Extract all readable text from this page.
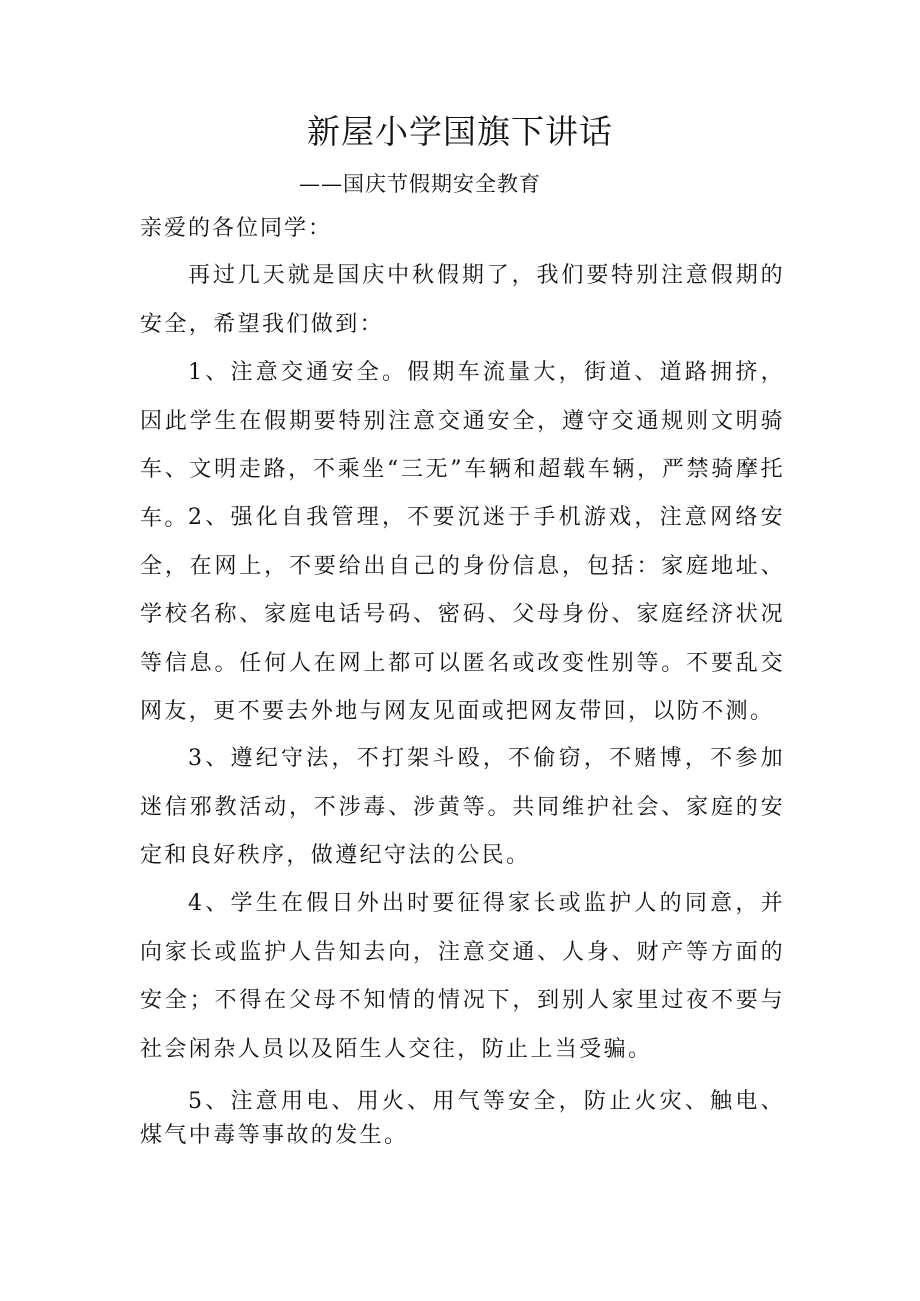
新屋小学国旗下讲话
——国庆节假期安全教育
亲爱的各位同学：

再过几天就是国庆中秋假期了，我们要特别注意假期的安全，希望我们做到：

1、注意交通安全。假期车流量大，街道、道路拥挤，因此学生在假期要特别注意交通安全，遵守交通规则文明骑车、文明走路，不乘坐“三无”车辆和超载车辆，严禁骑摩托车。 2、强化自我管理，不要沉迷于手机游戏，注意网络安全，在网上，不要给出自己的身份信息，包括：家庭地址、学校名称、家庭电话号码、密码、父母身份、家庭经济状况等信息。任何人在网上都可以匿名或改变性别等。不要乱交网友，更不要去外地与网友见面或把网友带回，以防不测。

3、遵纪守法，不打架斗殴，不偷窃，不赌博，不参加迷信邪教活动，不涉毒、涉黄等。共同维护社会、家庭的安定和良好秩序，做遵纪守法的公民。

4、学生在假日外出时要征得家长或监护人的同意，并向家长或监护人告知去向，注意交通、人身、财产等方面的安全；不得在父母不知情的情况下，到别人家里过夜不要与社会闲杂人员以及陌生人交往，防止上当受骗。

5、注意用电、用火、用气等安全，防止火灾、触电、煤气中毒等事故的发生。
